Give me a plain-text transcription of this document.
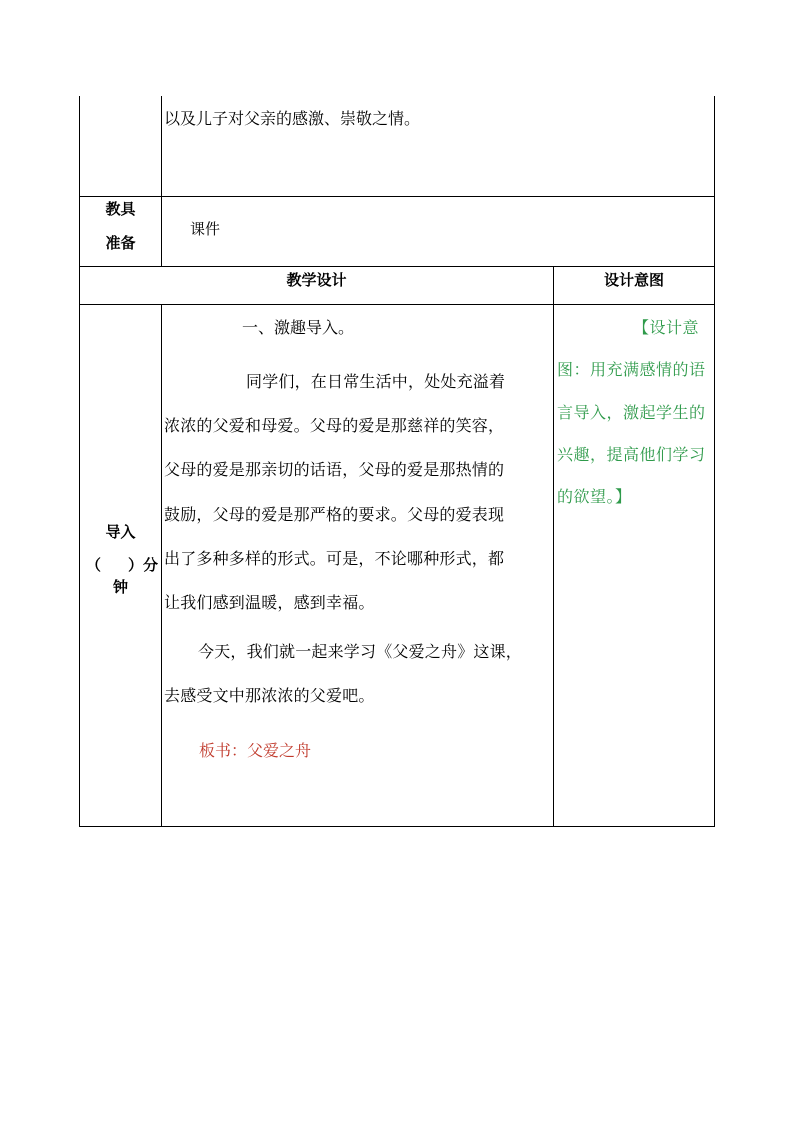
以及儿子对父亲的感激、崇敬之情。
教具
准备
课件
教学设计	设计意图
导入
（ ）分
钟
一、激趣导入。
同学们，在日常生活中，处处充溢着
浓浓的父爱和母爱。父母的爱是那慈祥的笑容，
父母的爱是那亲切的话语，父母的爱是那热情的
鼓励，父母的爱是那严格的要求。父母的爱表现
出了多种多样的形式。可是，不论哪种形式，都
让我们感到温暖，感到幸福。
今天，我们就一起来学习《父爱之舟》这课，
去感受文中那浓浓的父爱吧。
板书：父爱之舟
【设计意
图：用充满感情的语
言导入，激起学生的
兴趣，提高他们学习
的欲望。】
